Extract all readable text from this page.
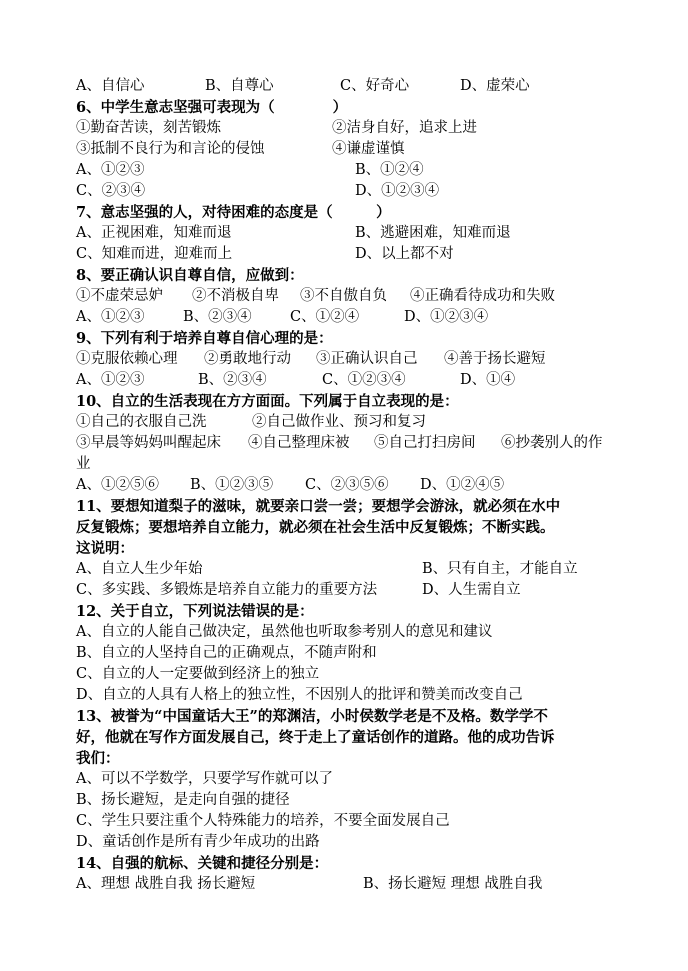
A、自信心	B、自尊心	C、好奇心	D、虚荣心
6、中学生意志坚强可表现为（　　　　）
①勤奋苦读，刻苦锻炼	②洁身自好，追求上进
③抵制不良行为和言论的侵蚀	④谦虚谨慎
A、①②③	B、①②④
C、②③④	D、①②③④
7、意志坚强的人，对待困难的态度是（　　　）
A、正视困难，知难而退	B、逃避困难，知难而退
C、知难而进，迎难而上	D、以上都不对
8、要正确认识自尊自信，应做到：
①不虚荣忌妒 ②不消极自卑 ③不自傲自负 ④正确看待成功和失败
A、①②③	B、②③④	C、①②④	D、①②③④
9、下列有利于培养自尊自信心理的是：
①克服依赖心理 ②勇敢地行动 ③正确认识自己 ④善于扬长避短
A、①②③	B、②③④	C、①②③④	D、①④
10、自立的生活表现在方方面面。下列属于自立表现的是：
①自己的衣服自己洗	②自己做作业、预习和复习
③早晨等妈妈叫醒起床 ④自己整理床被 ⑤自己打扫房间 ⑥抄袭别人的作
业
A、①②⑤⑥ B、①②③⑤ C、②③⑤⑥ D、①②④⑤
11、要想知道梨子的滋味，就要亲口尝一尝；要想学会游泳，就必须在水中
反复锻炼；要想培养自立能力，就必须在社会生活中反复锻炼；不断实践。
这说明：
A、自立人生少年始	B、只有自主，才能自立
C、多实践、多锻炼是培养自立能力的重要方法	D、人生需自立
12、关于自立，下列说法错误的是：
A、自立的人能自己做决定，虽然他也听取参考别人的意见和建议
B、自立的人坚持自己的正确观点，不随声附和
C、自立的人一定要做到经济上的独立
D、自立的人具有人格上的独立性，不因别人的批评和赞美而改变自己
13、被誉为“中国童话大王”的郑渊洁，小时侯数学老是不及格。数学学不
好，他就在写作方面发展自己，终于走上了童话创作的道路。他的成功告诉
我们：
A、可以不学数学，只要学写作就可以了
B、扬长避短，是走向自强的捷径
C、学生只要注重个人特殊能力的培养，不要全面发展自己
D、童话创作是所有青少年成功的出路
14、自强的航标、关键和捷径分别是：
A、理想 战胜自我 扬长避短	B、扬长避短 理想 战胜自我
